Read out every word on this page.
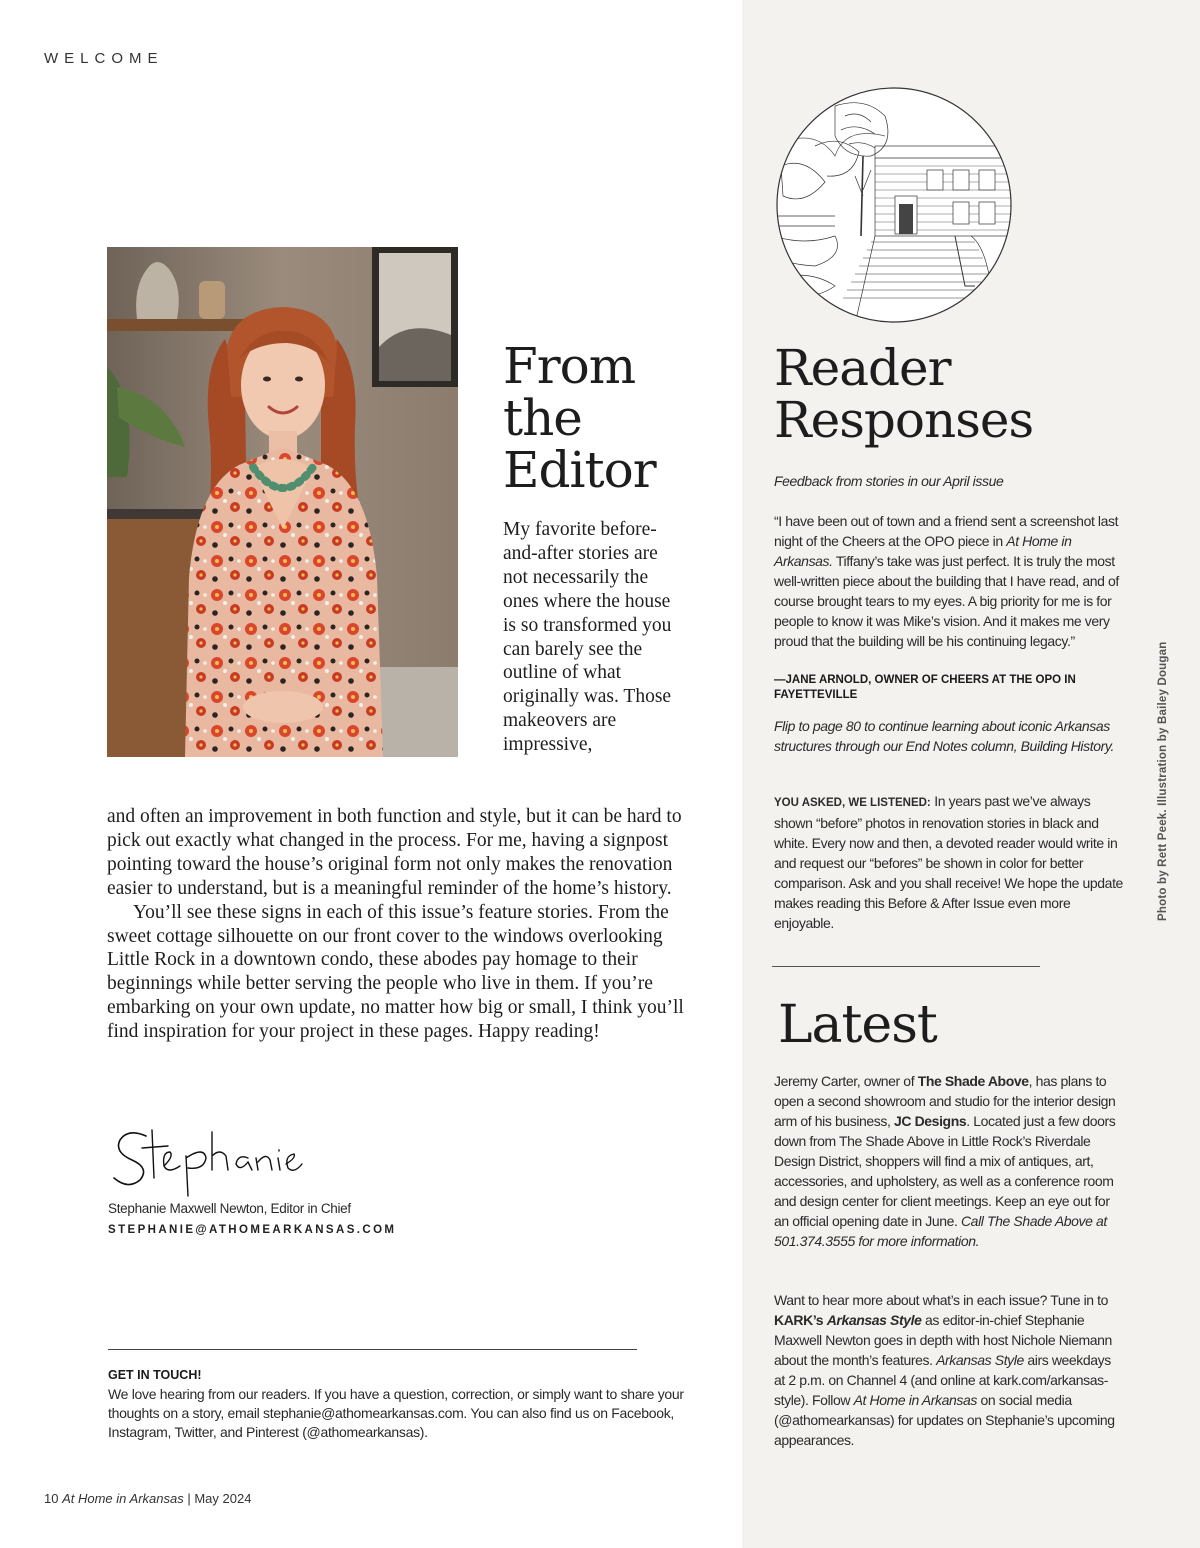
WELCOME
From
the
Editor

My favorite before-and-after stories are not necessarily the ones where the house is so transformed you can barely see the outline of what originally was. Those makeovers are impressive,

and often an improvement in both function and style, but it can be hard to pick out exactly what changed in the process. For me, having a signpost pointing toward the house’s original form not only makes the renovation easier to understand, but is a meaningful reminder of the home’s history.

You’ll see these signs in each of this issue’s feature stories. From the sweet cottage silhouette on our front cover to the windows overlooking Little Rock in a downtown condo, these abodes pay homage to their beginnings while better serving the people who live in them. If you’re embarking on your own update, no matter how big or small, I think you’ll find inspiration for your project in these pages. Happy reading!

Stephanie Maxwell Newton, Editor in Chief
STEPHANIE@ATHOMEARKANSAS.COM
GET IN TOUCH!

We love hearing from our readers. If you have a question, correction, or simply want to share your thoughts on a story, email stephanie@athomearkansas.com. You can also find us on Facebook, Instagram, Twitter, and Pinterest (@athomearkansas).

10 At Home in Arkansas | May 2024
Reader
Responses

Feedback from stories in our April issue

“I have been out of town and a friend sent a screenshot last night of the Cheers at the OPO piece in At Home in Arkansas. Tiffany’s take was just perfect. It is truly the most well-written piece about the building that I have read, and of course brought tears to my eyes. A big priority for me is for people to know it was Mike’s vision. And it makes me very proud that the building will be his continuing legacy.”

—JANE ARNOLD, OWNER OF CHEERS AT THE OPO IN FAYETTEVILLE

Flip to page 80 to continue learning about iconic Arkansas structures through our End Notes column, Building History.

YOU ASKED, WE LISTENED: In years past we’ve always shown “before” photos in renovation stories in black and white. Every now and then, a devoted reader would write in and request our “befores” be shown in color for better comparison. Ask and you shall receive! We hope the update makes reading this Before & After Issue even more enjoyable.

Latest

Jeremy Carter, owner of The Shade Above, has plans to open a second showroom and studio for the interior design arm of his business, JC Designs. Located just a few doors down from The Shade Above in Little Rock’s Riverdale Design District, shoppers will find a mix of antiques, art, accessories, and upholstery, as well as a conference room and design center for client meetings. Keep an eye out for an official opening date in June. Call The Shade Above at 501.374.3555 for more information.

Want to hear more about what’s in each issue? Tune in to KARK’s Arkansas Style as editor-in-chief Stephanie Maxwell Newton goes in depth with host Nichole Niemann about the month’s features. Arkansas Style airs weekdays at 2 p.m. on Channel 4 (and online at kark.com/arkansas-style). Follow At Home in Arkansas on social media (@athomearkansas) for updates on Stephanie’s upcoming appearances.

Photo by Rett Peek. Illustration by Bailey Dougan
